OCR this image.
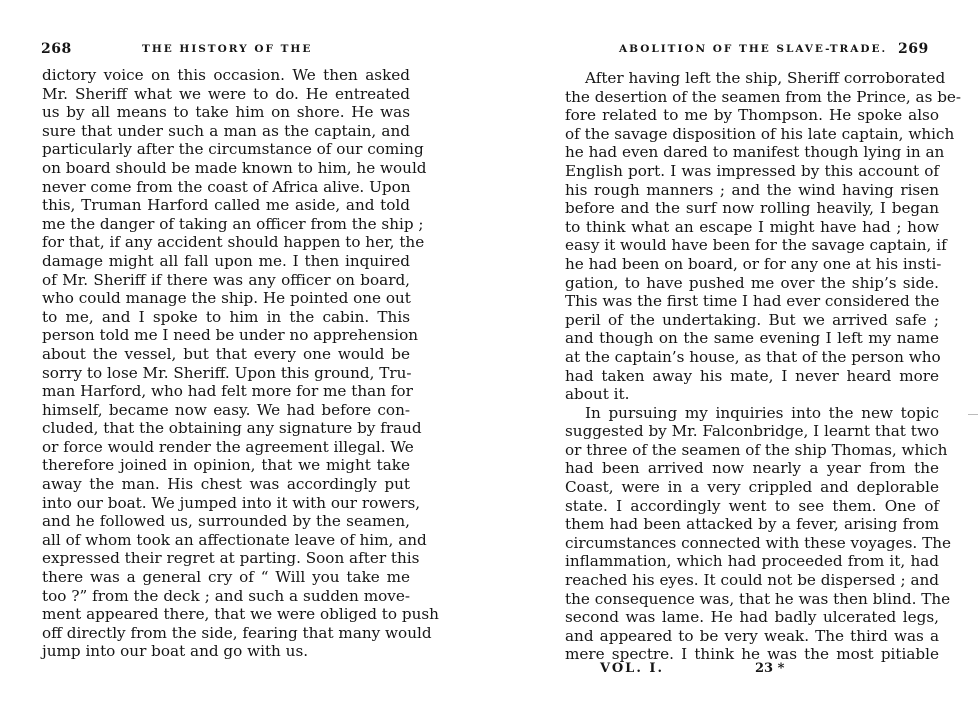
268	THE HISTORY OF THE
dictory voice on this occasion. We then asked
Mr. Sheriff what we were to do. He entreated
us by all means to take him on shore. He was
sure that under such a man as the captain, and
particularly after the circumstance of our coming
on board should be made known to him, he would
never come from the coast of Africa alive. Upon
this, Truman Harford called me aside, and told
me the danger of taking an officer from the ship ;
for that, if any accident should happen to her, the
damage might all fall upon me. I then inquired
of Mr. Sheriff if there was any officer on board,
who could manage the ship. He pointed one out
to me, and I spoke to him in the cabin. This
person told me I need be under no apprehension
about the vessel, but that every one would be
sorry to lose Mr. Sheriff. Upon this ground, Tru-
man Harford, who had felt more for me than for
himself, became now easy. We had before con-
cluded, that the obtaining any signature by fraud
or force would render the agreement illegal. We
therefore joined in opinion, that we might take
away the man. His chest was accordingly put
into our boat. We jumped into it with our rowers,
and he followed us, surrounded by the seamen,
all of whom took an affectionate leave of him, and
expressed their regret at parting. Soon after this
there was a general cry of “ Will you take me
too ?” from the deck ; and such a sudden move-
ment appeared there, that we were obliged to push
off directly from the side, fearing that many would
jump into our boat and go with us.
ABOLITION OF THE SLAVE-TRADE. 269
After having left the ship, Sheriff corroborated
the desertion of the seamen from the Prince, as be-
fore related to me by Thompson. He spoke also
of the savage disposition of his late captain, which
he had even dared to manifest though lying in an
English port. I was impressed by this account of
his rough manners ; and the wind having risen
before and the surf now rolling heavily, I began
to think what an escape I might have had ; how
easy it would have been for the savage captain, if
he had been on board, or for any one at his insti-
gation, to have pushed me over the ship’s side.
This was the first time I had ever considered the
peril of the undertaking. But we arrived safe ;
and though on the same evening I left my name
at the captain’s house, as that of the person who
had taken away his mate, I never heard more
about it.
In pursuing my inquiries into the new topic
suggested by Mr. Falconbridge, I learnt that two
or three of the seamen of the ship Thomas, which
had been arrived now nearly a year from the
Coast, were in a very crippled and deplorable
state. I accordingly went to see them. One of
them had been attacked by a fever, arising from
circumstances connected with these voyages. The
inflammation, which had proceeded from it, had
reached his eyes. It could not be dispersed ; and
the consequence was, that he was then blind. The
second was lame. He had badly ulcerated legs,
and appeared to be very weak. The third was a
mere spectre. I think he was the most pitiable
VOL. I.	23 *
